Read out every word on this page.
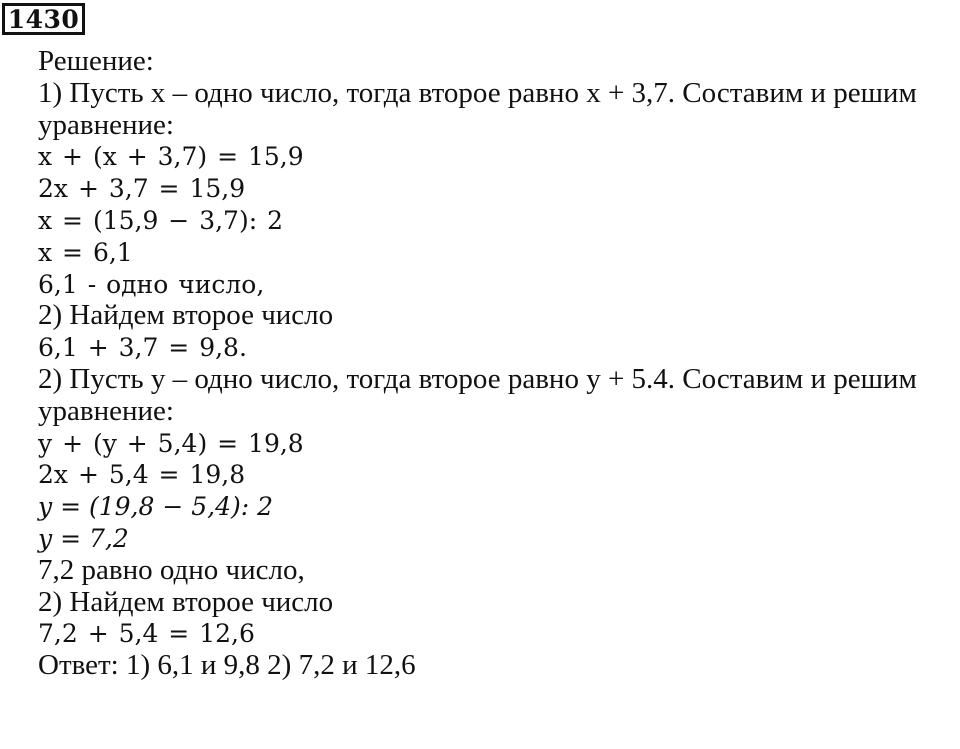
1430
Решение:
1) Пусть х – одно число, тогда второе равно х + 3,7. Составим и решим
уравнение:
x + (x + 3,7) = 15,9
2x + 3,7 = 15,9
x = (15,9 − 3,7): 2
x = 6,1
6,1 - одно число,
2) Найдем второе число
6,1 + 3,7 = 9,8.
2) Пусть у – одно число, тогда второе равно у + 5.4. Составим и решим
уравнение:
y + (y + 5,4) = 19,8
2x + 5,4 = 19,8
y = (19,8 − 5,4): 2
y = 7,2
7,2 равно одно число,
2) Найдем второе число
7,2 + 5,4 = 12,6
Ответ: 1) 6,1 и 9,8 2) 7,2 и 12,6
